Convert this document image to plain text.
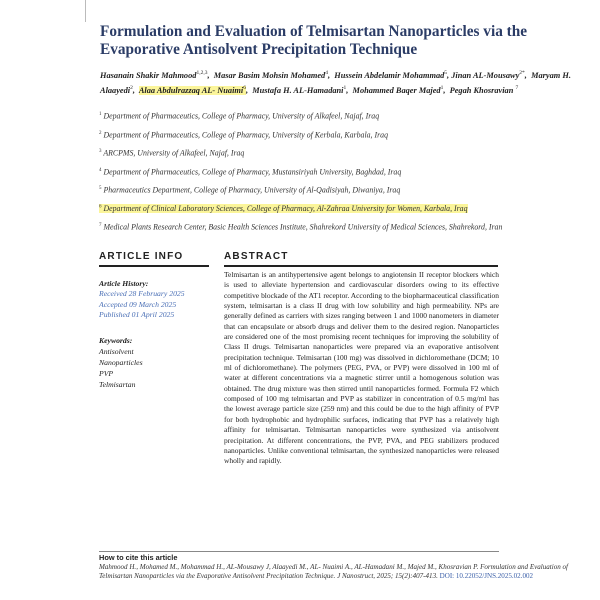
Formulation and Evaluation of Telmisartan Nanoparticles via the Evaporative Antisolvent Precipitation Technique
Hasanain Shakir Mahmood$^{1,2,3}$,  Masar Basim Mohsin Mohamed$^4$,  Hussein Abdelamir Mohammad$^5$, Jinan AL-Mousawy$^{2*}$,  Maryam H. Alaayedi$^2$,  Alaa Abdulrazzaq AL- Nuaimi$^6$,  Mustafa H. AL-Hamadani$^1$,  Mohammed Baqer Majed$^1$,  Pegah Khosravian $^7$
$^1$ Department of Pharmaceutics, College of Pharmacy, University of Alkafeel, Najaf, Iraq
$^2$ Department of Pharmaceutics, College of Pharmacy, University of Kerbala, Karbala, Iraq
$^3$ ARCPMS, University of Alkafeel, Najaf, Iraq
$^4$ Department of Pharmaceutics, College of Pharmacy, Mustansiriyah University, Baghdad, Iraq
$^5$ Pharmaceutics Department, College of Pharmacy, University of Al-Qadisiyah, Diwaniya, Iraq
$^6$ Department of Clinical Laboratory Sciences, College of Pharmacy, Al-Zahraa University for Women, Karbala, Iraq
$^7$ Medical Plants Research Center, Basic Health Sciences Institute, Shahrekord University of Medical Sciences, Shahrekord, Iran
ARTICLE INFO	ABSTRACT
Article History:
Received 28 February 2025
Accepted 09 March 2025
Published 01 April 2025
Keywords:
Antisolvent
Nanoparticles
PVP
Telmisartan

Telmisartan is an antihypertensive agent belongs to angiotensin II receptor blockers which is used to alleviate hypertension and cardiovascular disorders owing to its effective competitive blockade of the AT1 receptor. According to the biopharmaceutical classification system, telmisartan is a class II drug with low solubility and high permeability. NPs are generally defined as carriers with sizes ranging between 1 and 1000 nanometers in diameter that can encapsulate or absorb drugs and deliver them to the desired region. Nanoparticles are considered one of the most promising recent techniques for improving the solubility of Class II drugs. Telmisartan nanoparticles were prepared via an evaporative antisolvent precipitation technique. Telmisartan (100 mg) was dissolved in dichloromethane (DCM; 10 ml of dichloromethane). The polymers (PEG, PVA, or PVP) were dissolved in 100 ml of water at different concentrations via a magnetic stirrer until a homogenous solution was obtained. The drug mixture was then stirred until nanoparticles formed. Formula F2 which composed of 100 mg telmisartan and PVP as stabilizer in concentration of 0.5 mg/ml has the lowest average particle size (259 nm) and this could be due to the high affinity of PVP for both hydrophobic and hydrophilic surfaces, indicating that PVP has a relatively high affinity for telmisartan. Telmisartan nanoparticles were synthesized via antisolvent precipitation. At different concentrations, the PVP, PVA, and PEG stabilizers produced nanoparticles. Unlike conventional telmisartan, the synthesized nanoparticles were released wholly and rapidly.

How to cite this article
Mahmood H., Mohamed M., Mohammad H., AL-Mousawy J, Alaayedi M., AL- Nuaimi A., AL-Hamadani M., Majed M., Khosravian P. Formulation and Evaluation of Telmisartan Nanoparticles via the Evaporative Antisolvent Precipitation Technique. J Nanostruct, 2025; 15(2):407-413. DOI: 10.22052/JNS.2025.02.002
